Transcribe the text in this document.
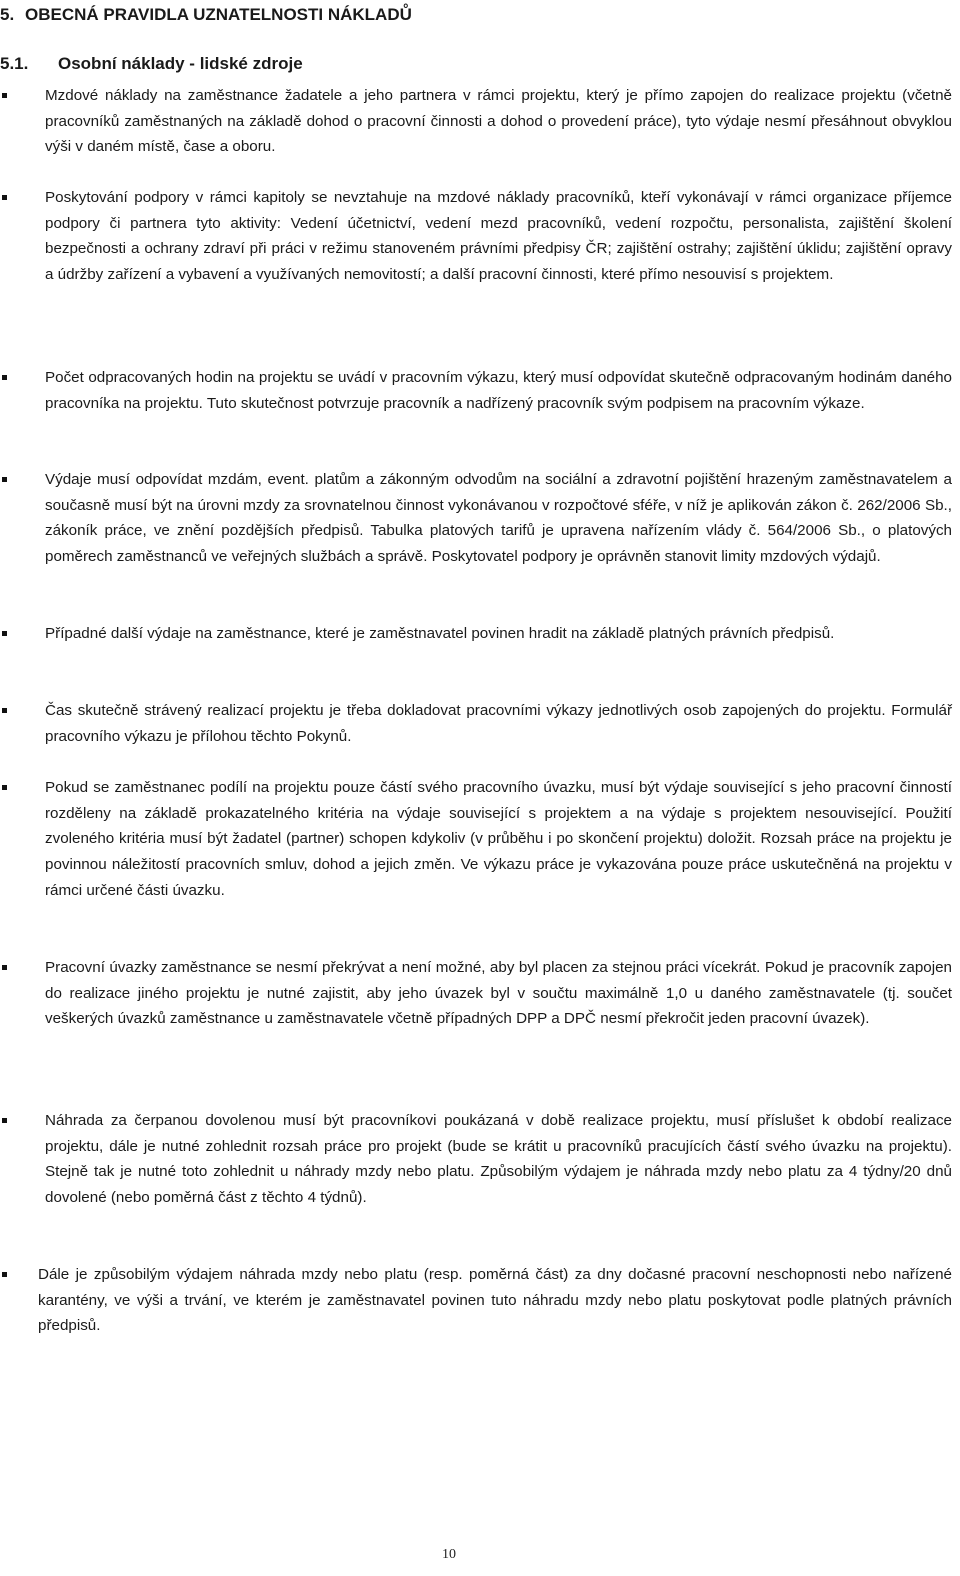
5. OBECNÁ PRAVIDLA UZNATELNOSTI NÁKLADŮ
5.1. Osobní náklady - lidské zdroje

Mzdové náklady na zaměstnance žadatele a jeho partnera v rámci projektu, který je přímo zapojen do realizace projektu (včetně pracovníků zaměstnaných na základě dohod o pracovní činnosti a dohod o provedení práce), tyto výdaje nesmí přesáhnout obvyklou výši v daném místě, čase a oboru.

Poskytování podpory v rámci kapitoly se nevztahuje na mzdové náklady pracovníků, kteří vykonávají v rámci organizace příjemce podpory či partnera tyto aktivity: Vedení účetnictví, vedení mezd pracovníků, vedení rozpočtu, personalista, zajištění školení bezpečnosti a ochrany zdraví při práci v režimu stanoveném právními předpisy ČR; zajištění ostrahy; zajištění úklidu; zajištění opravy a údržby zařízení a vybavení a využívaných nemovitostí; a další pracovní činnosti, které přímo nesouvisí s projektem.

Počet odpracovaných hodin na projektu se uvádí v pracovním výkazu, který musí odpovídat skutečně odpracovaným hodinám daného pracovníka na projektu. Tuto skutečnost potvrzuje pracovník a nadřízený pracovník svým podpisem na pracovním výkaze.

Výdaje musí odpovídat mzdám, event. platům a zákonným odvodům na sociální a zdravotní pojištění hrazeným zaměstnavatelem a současně musí být na úrovni mzdy za srovnatelnou činnost vykonávanou v rozpočtové sféře, v níž je aplikován zákon č. 262/2006 Sb., zákoník práce, ve znění pozdějších předpisů. Tabulka platových tarifů je upravena nařízením vlády č. 564/2006 Sb., o platových poměrech zaměstnanců ve veřejných službách a správě. Poskytovatel podpory je oprávněn stanovit limity mzdových výdajů.

Případné další výdaje na zaměstnance, které je zaměstnavatel povinen hradit na základě platných právních předpisů.

Čas skutečně strávený realizací projektu je třeba dokladovat pracovními výkazy jednotlivých osob zapojených do projektu. Formulář pracovního výkazu je přílohou těchto Pokynů.

Pokud se zaměstnanec podílí na projektu pouze částí svého pracovního úvazku, musí být výdaje související s jeho pracovní činností rozděleny na základě prokazatelného kritéria na výdaje související s projektem a na výdaje s projektem nesouvisející. Použití zvoleného kritéria musí být žadatel (partner) schopen kdykoliv (v průběhu i po skončení projektu) doložit. Rozsah práce na projektu je povinnou náležitostí pracovních smluv, dohod a jejich změn. Ve výkazu práce je vykazována pouze práce uskutečněná na projektu v rámci určené části úvazku.

Pracovní úvazky zaměstnance se nesmí překrývat a není možné, aby byl placen za stejnou práci vícekrát. Pokud je pracovník zapojen do realizace jiného projektu je nutné zajistit, aby jeho úvazek byl v součtu maximálně 1,0 u daného zaměstnavatele (tj. součet veškerých úvazků zaměstnance u zaměstnavatele včetně případných DPP a DPČ nesmí překročit jeden pracovní úvazek).

Náhrada za čerpanou dovolenou musí být pracovníkovi poukázaná v době realizace projektu, musí příslušet k období realizace projektu, dále je nutné zohlednit rozsah práce pro projekt (bude se krátit u pracovníků pracujících částí svého úvazku na projektu). Stejně tak je nutné toto zohlednit u náhrady mzdy nebo platu. Způsobilým výdajem je náhrada mzdy nebo platu za 4 týdny/20 dnů dovolené (nebo poměrná část z těchto 4 týdnů).

Dále je způsobilým výdajem náhrada mzdy nebo platu (resp. poměrná část) za dny dočasné pracovní neschopnosti nebo nařízené karantény, ve výši a trvání, ve kterém je zaměstnavatel povinen tuto náhradu mzdy nebo platu poskytovat podle platných právních předpisů.

10
